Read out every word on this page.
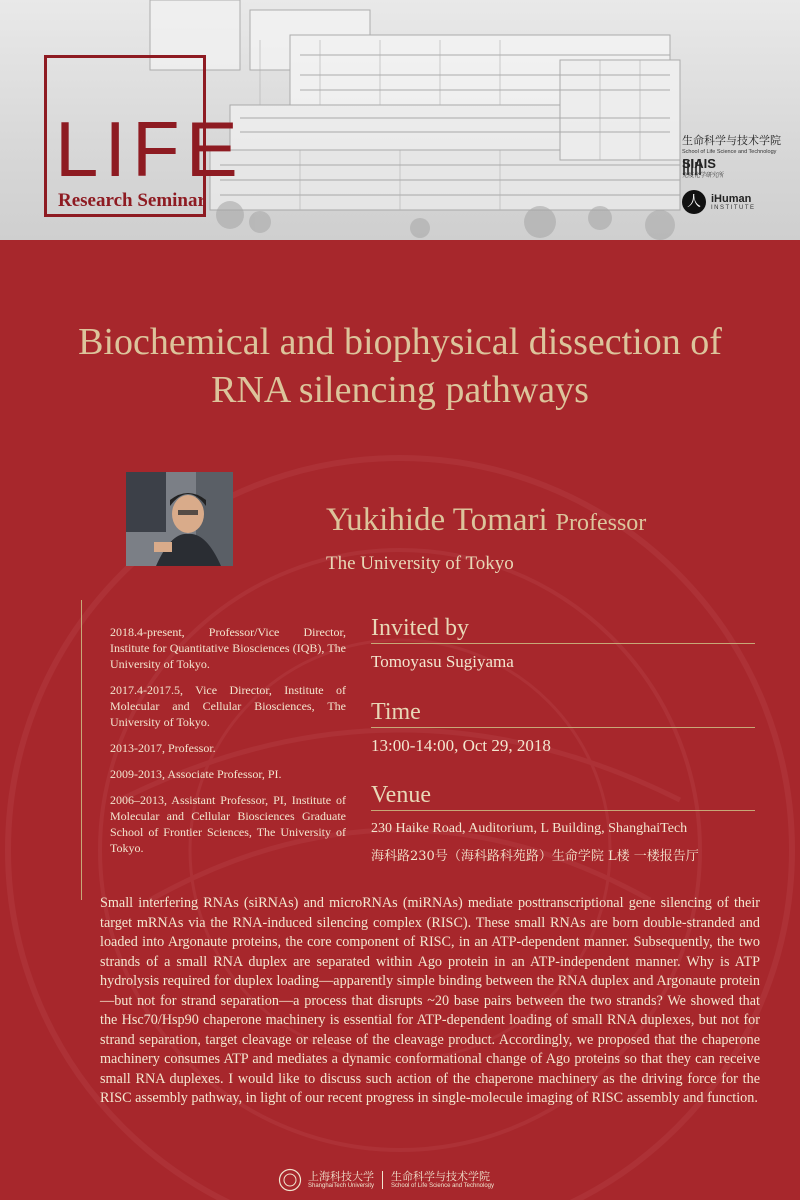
LIFE
Research Seminar
生命科学与技术学院
School of Life Science and Technology
SIAIS
免疫化学研究所
人 iHuman
INSTITUTE
Biochemical and biophysical dissection of
RNA silencing pathways
Yukihide Tomari Professor
The University of Tokyo

2018.4-present, Professor/Vice Director, Institute for Quantitative Biosciences (IQB), The University of Tokyo.

2017.4-2017.5, Vice Director, Institute of Molecular and Cellular Biosciences, The University of Tokyo.

2013-2017, Professor.

2009-2013, Associate Professor, PI.

2006–2013, Assistant Professor, PI, Institute of Molecular and Cellular Biosciences Graduate School of Frontier Sciences, The University of Tokyo.

Invited by
Tomoyasu Sugiyama
Time
13:00-14:00, Oct 29, 2018
Venue
230 Haike Road, Auditorium, L Building, ShanghaiTech
海科路230号（海科路科苑路）生命学院 L楼 一楼报告厅

Small interfering RNAs (siRNAs) and microRNAs (miRNAs) mediate posttranscriptional gene silencing of their target mRNAs via the RNA-induced silencing complex (RISC). These small RNAs are born double-stranded and loaded into Argonaute proteins, the core component of RISC, in an ATP-dependent manner. Subsequently, the two strands of a small RNA duplex are separated within Ago protein in an ATP-independent manner. Why is ATP hydrolysis required for duplex loading—apparently simple binding between the RNA duplex and Argonaute protein—but not for strand separation—a process that disrupts ~20 base pairs between the two strands? We showed that the Hsc70/Hsp90 chaperone machinery is essential for ATP-dependent loading of small RNA duplexes, but not for strand separation, target cleavage or release of the cleavage product. Accordingly, we proposed that the chaperone machinery consumes ATP and mediates a dynamic conformational change of Ago proteins so that they can receive small RNA duplexes. I would like to discuss such action of the chaperone machinery as the driving force for the RISC assembly pathway, in light of our recent progress in single-molecule imaging of RISC assembly and function.

上海科技大学
ShanghaiTech University
生命科学与技术学院
School of Life Science and Technology
